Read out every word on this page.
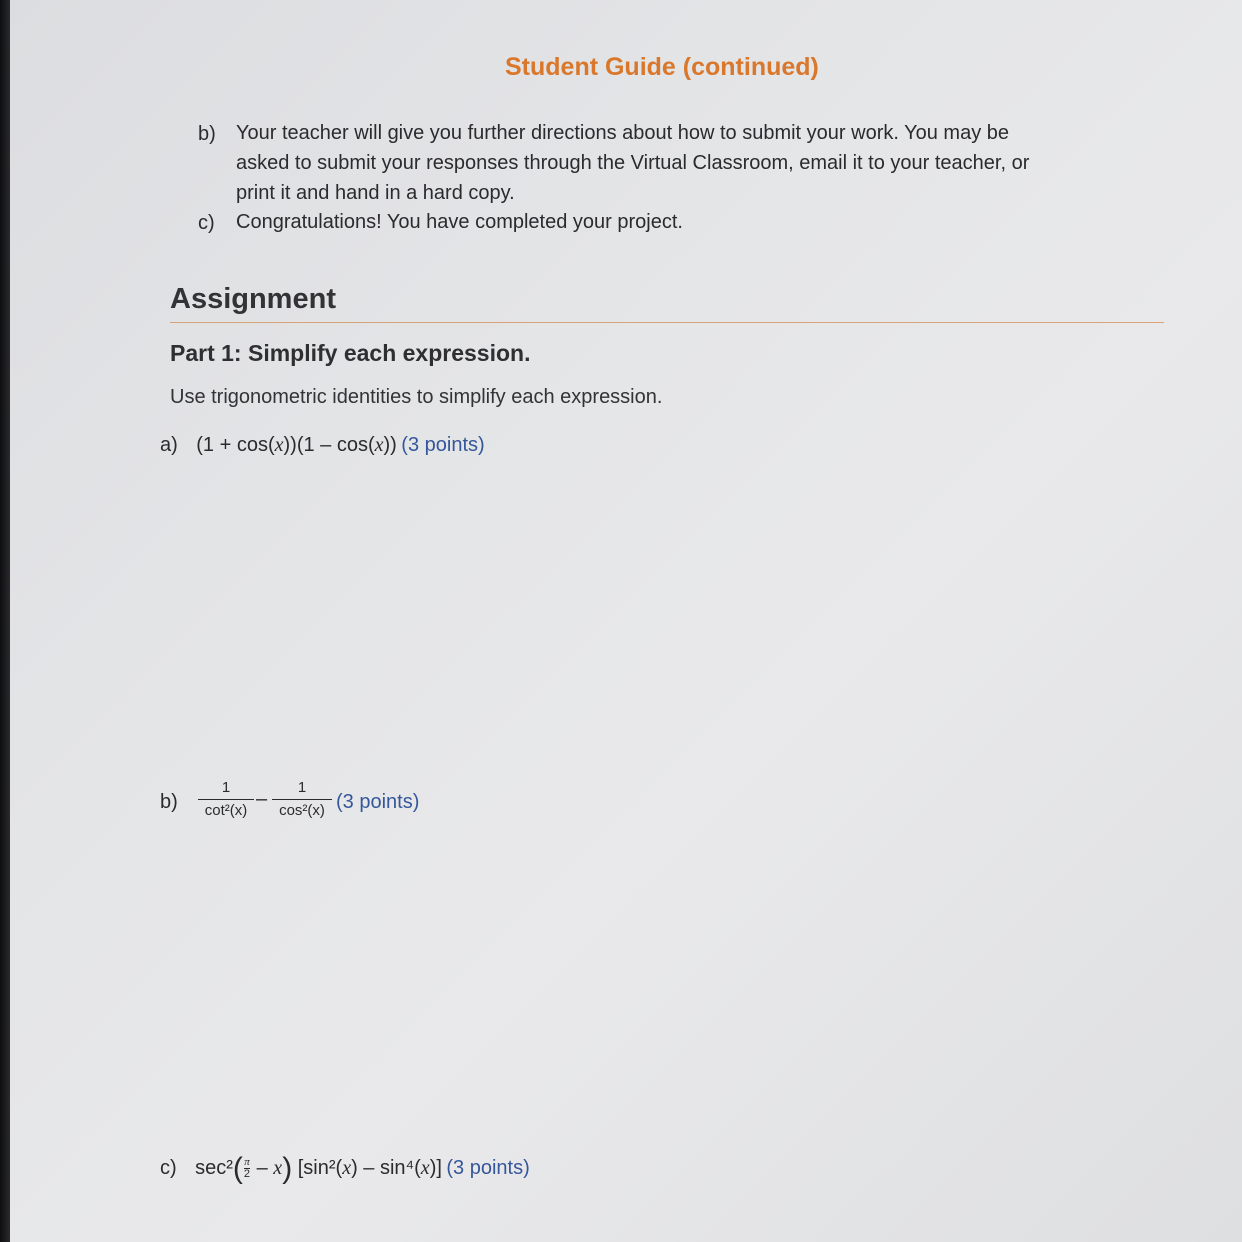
Student Guide (continued)
b) Your teacher will give you further directions about how to submit your work. You may be
asked to submit your responses through the Virtual Classroom, email it to your teacher, or
print it and hand in a hard copy.
c) Congratulations! You have completed your project.
Assignment
Part 1: Simplify each expression.
Use trigonometric identities to simplify each expression.
a) (1 + cos(x))(1 – cos(x)) (3 points)
b)
1
cot²(x)
–
1
cos²(x) (3 points)
c) $\sec^2(\frac{\pi}{2} - x)$ [sin²(x) – sin⁴(x)] (3 points)
